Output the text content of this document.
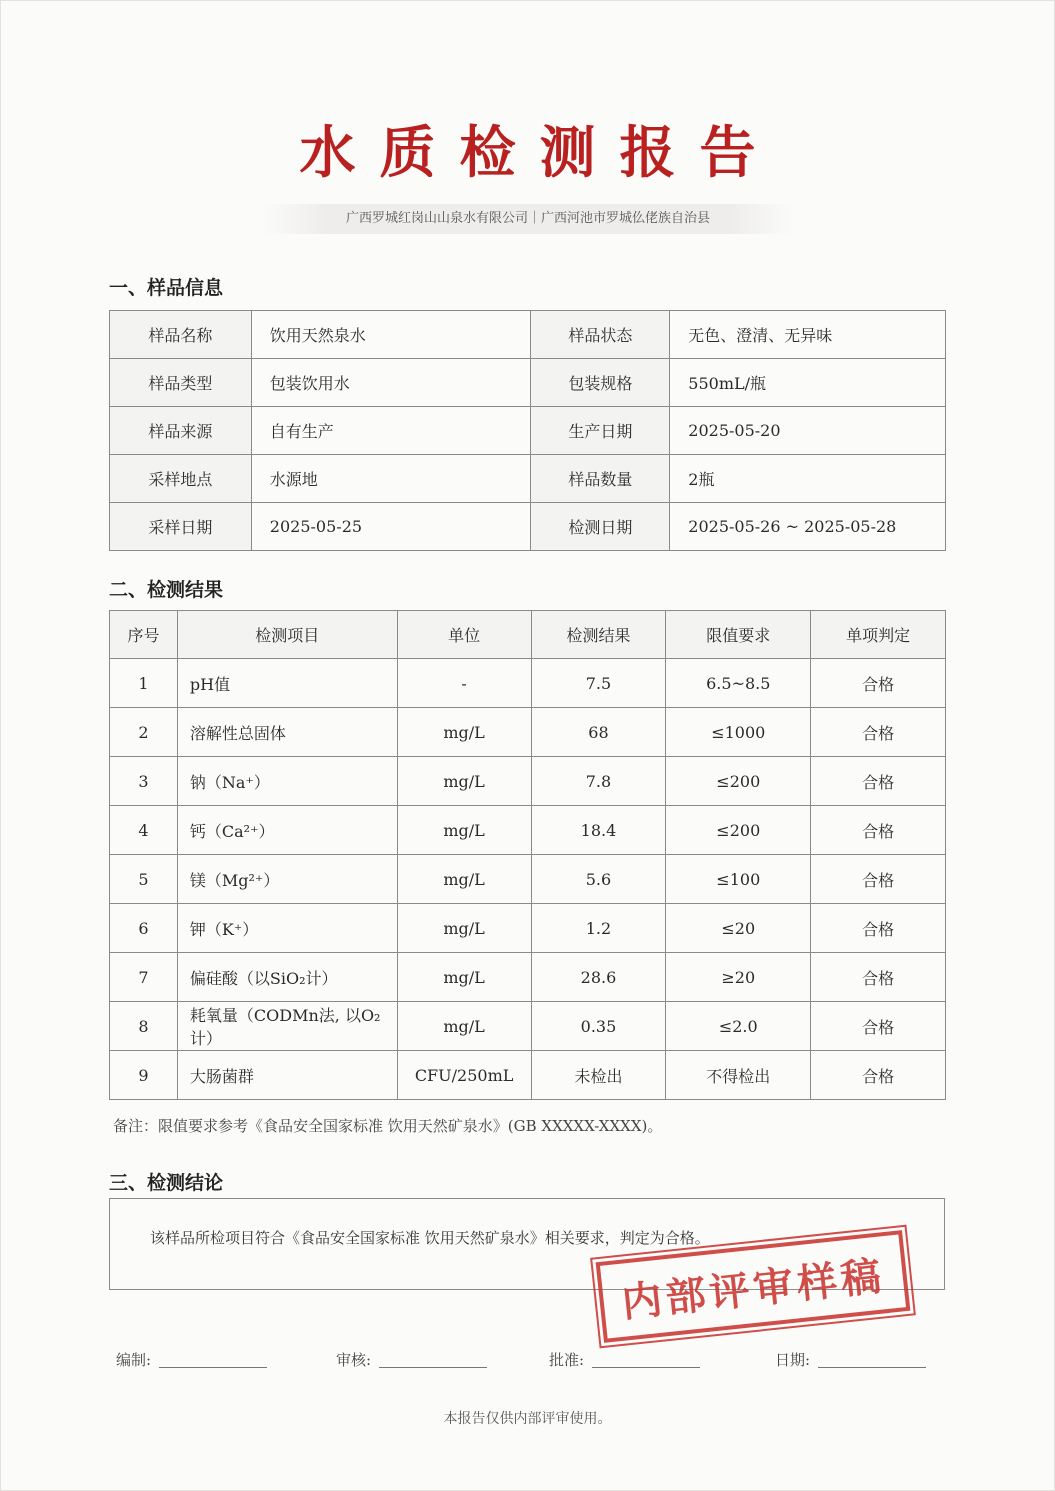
水质检测报告
广西罗城红岗山山泉水有限公司｜广西河池市罗城仫佬族自治县
一、样品信息
样品名称	饮用天然泉水	样品状态	无色、澄清、无异味
样品类型	包装饮用水	包装规格	550mL/瓶
样品来源	自有生产	生产日期	2025-05-20
采样地点	水源地	样品数量	2瓶
采样日期	2025-05-25	检测日期	2025-05-26 ~ 2025-05-28
二、检测结果
序号	检测项目	单位	检测结果	限值要求	单项判定
1	pH值	-	7.5	6.5~8.5	合格
2	溶解性总固体	mg/L	68	≤1000	合格
3	钠（Na⁺）	mg/L	7.8	≤200	合格
4	钙（Ca²⁺）	mg/L	18.4	≤200	合格
5	镁（Mg²⁺）	mg/L	5.6	≤100	合格
6	钾（K⁺）	mg/L	1.2	≤20	合格
7	偏硅酸（以SiO₂计）	mg/L	28.6	≥20	合格
8	耗氧量（CODMn法, 以O₂计）	mg/L	0.35	≤2.0	合格
9	大肠菌群	CFU/250mL	未检出	不得检出	合格
备注：限值要求参考《食品安全国家标准 饮用天然矿泉水》(GB XXXXX-XXXX)。
三、检测结论
该样品所检项目符合《食品安全国家标准 饮用天然矿泉水》相关要求，判定为合格。
内部评审样稿
编制:	审核:	批准:	日期:
本报告仅供内部评审使用。
